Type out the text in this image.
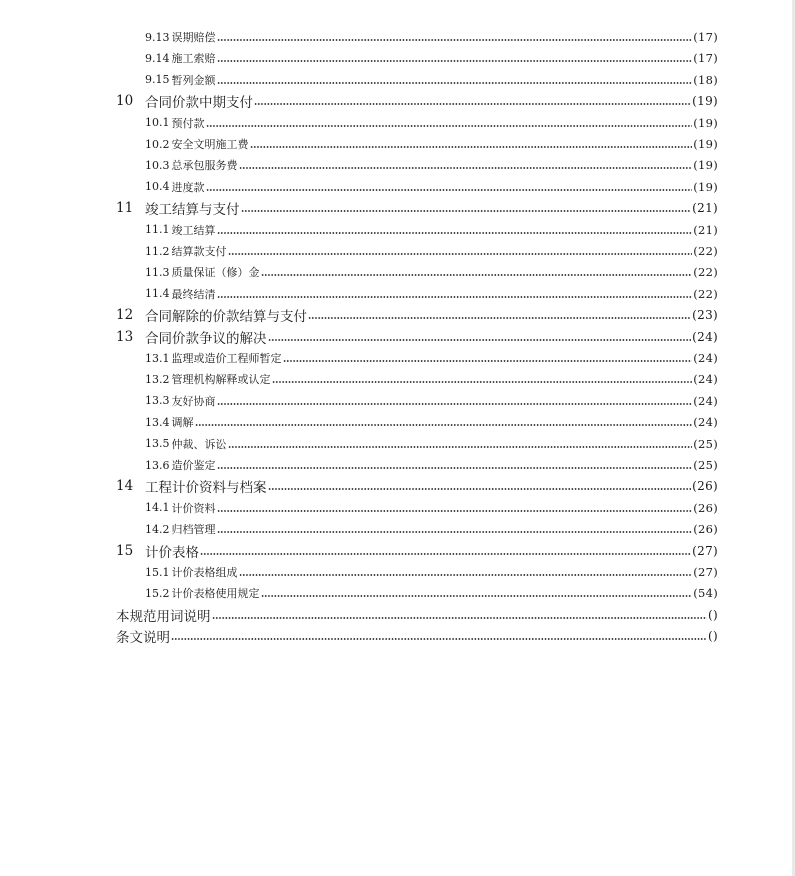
9.13 误期赔偿	(17)
9.14 施工索赔	(17)
9.15 暂列金额	(18)
10 合同价款中期支付	(19)
10.1 预付款	(19)
10.2 安全文明施工费	(19)
10.3 总承包服务费	(19)
10.4 进度款	(19)
11 竣工结算与支付	(21)
11.1 竣工结算	(21)
11.2 结算款支付	(22)
11.3 质量保证（修）金	(22)
11.4 最终结清	(22)
12 合同解除的价款结算与支付	(23)
13 合同价款争议的解决	(24)
13.1 监理或造价工程师暂定	(24)
13.2 管理机构解释或认定	(24)
13.3 友好协商	(24)
13.4 调解	(24)
13.5 仲裁、诉讼	(25)
13.6 造价鉴定	(25)
14 工程计价资料与档案	(26)
14.1 计价资料	(26)
14.2 归档管理	(26)
15 计价表格	(27)
15.1 计价表格组成	(27)
15.2 计价表格使用规定	(54)
本规范用词说明	()
条文说明	()
